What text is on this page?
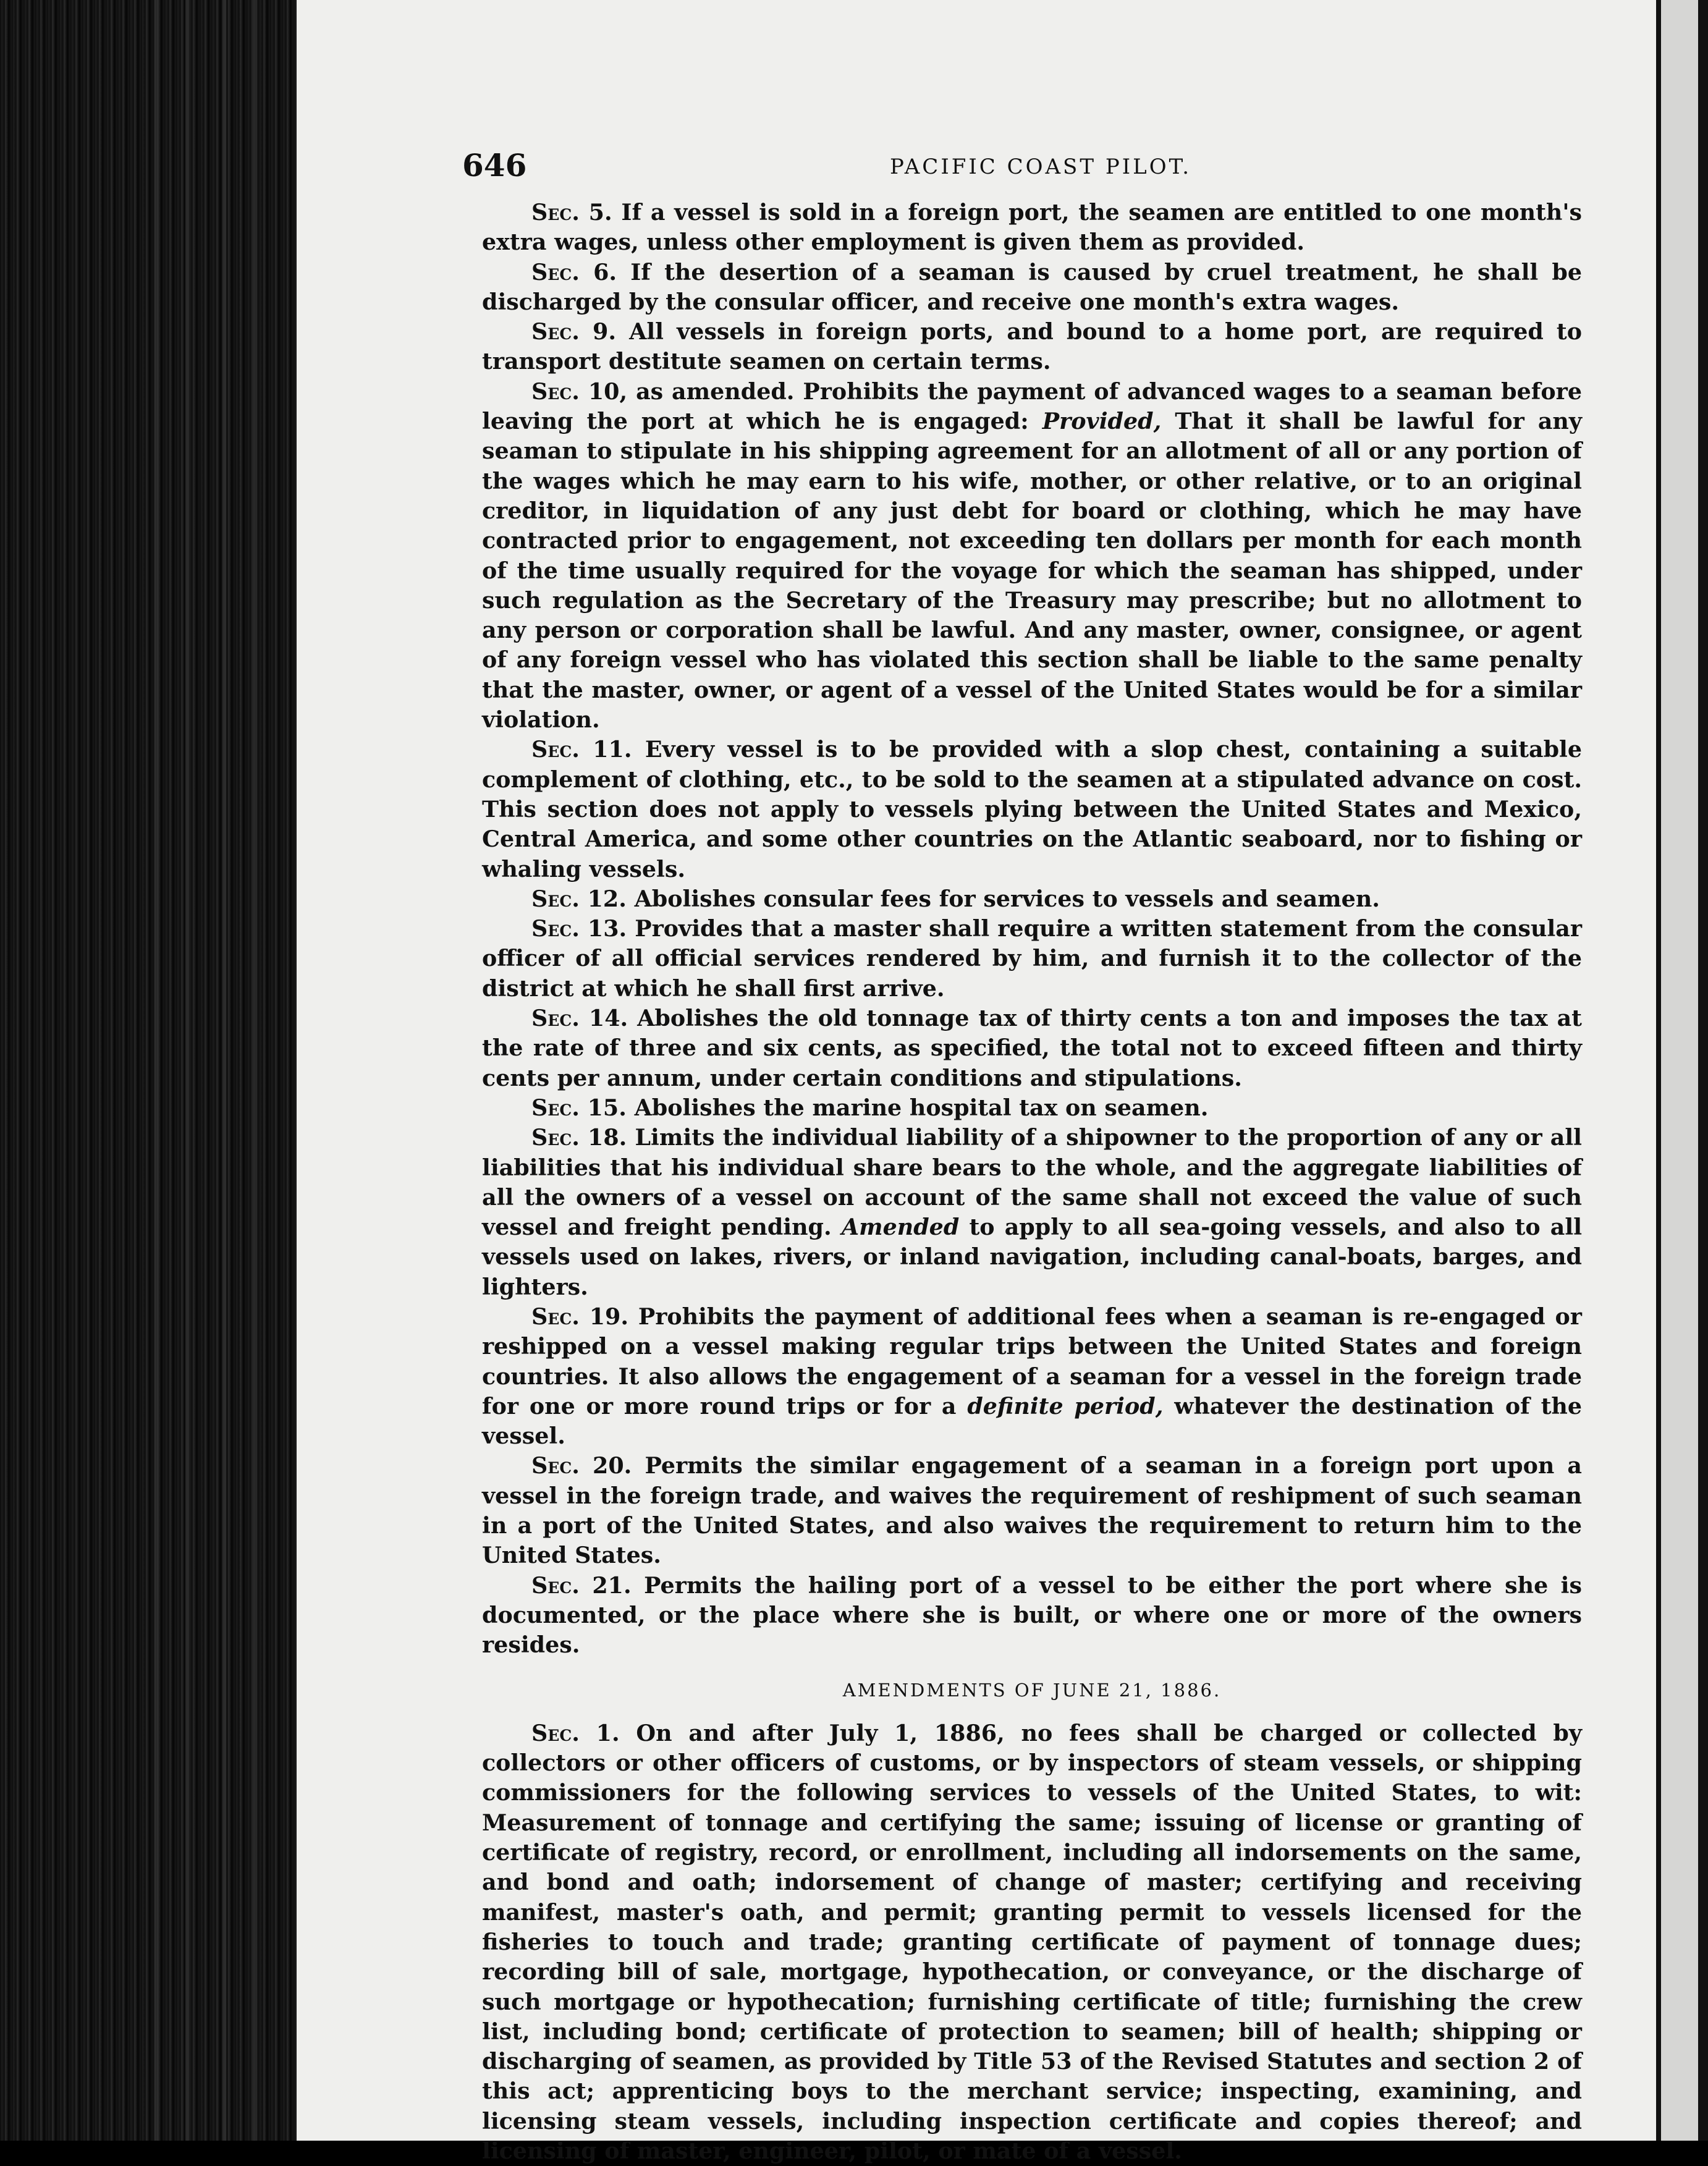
646	PACIFIC COAST PILOT.

Sec. 5. If a vessel is sold in a foreign port, the seamen are entitled to one month's extra wages, unless other employment is given them as provided.

Sec. 6. If the desertion of a seaman is caused by cruel treatment, he shall be discharged by the consular officer, and receive one month's extra wages.

Sec. 9. All vessels in foreign ports, and bound to a home port, are required to transport destitute seamen on certain terms.

Sec. 10, as amended. Prohibits the payment of advanced wages to a seaman before leaving the port at which he is engaged: Provided, That it shall be lawful for any seaman to stipulate in his shipping agreement for an allotment of all or any portion of the wages which he may earn to his wife, mother, or other relative, or to an original creditor, in liquidation of any just debt for board or clothing, which he may have contracted prior to engagement, not exceeding ten dollars per month for each month of the time usually required for the voyage for which the seaman has shipped, under such regulation as the Secretary of the Treasury may prescribe; but no allotment to any person or corporation shall be lawful. And any master, owner, consignee, or agent of any foreign vessel who has violated this section shall be liable to the same penalty that the master, owner, or agent of a vessel of the United States would be for a similar violation.

Sec. 11. Every vessel is to be provided with a slop chest, containing a suitable complement of clothing, etc., to be sold to the seamen at a stipulated advance on cost. This section does not apply to vessels plying between the United States and Mexico, Central America, and some other countries on the Atlantic seaboard, nor to fishing or whaling vessels.

Sec. 12. Abolishes consular fees for services to vessels and seamen.

Sec. 13. Provides that a master shall require a written statement from the consular officer of all official services rendered by him, and furnish it to the collector of the district at which he shall first arrive.

Sec. 14. Abolishes the old tonnage tax of thirty cents a ton and imposes the tax at the rate of three and six cents, as specified, the total not to exceed fifteen and thirty cents per annum, under certain conditions and stipulations.

Sec. 15. Abolishes the marine hospital tax on seamen.

Sec. 18. Limits the individual liability of a shipowner to the proportion of any or all liabilities that his individual share bears to the whole, and the aggregate liabilities of all the owners of a vessel on account of the same shall not exceed the value of such vessel and freight pending. Amended to apply to all sea-going vessels, and also to all vessels used on lakes, rivers, or inland navigation, including canal-boats, barges, and lighters.

Sec. 19. Prohibits the payment of additional fees when a seaman is re-engaged or reshipped on a vessel making regular trips between the United States and foreign countries. It also allows the engagement of a seaman for a vessel in the foreign trade for one or more round trips or for a definite period, whatever the destination of the vessel.

Sec. 20. Permits the similar engagement of a seaman in a foreign port upon a vessel in the foreign trade, and waives the requirement of reshipment of such seaman in a port of the United States, and also waives the requirement to return him to the United States.

Sec. 21. Permits the hailing port of a vessel to be either the port where she is documented, or the place where she is built, or where one or more of the owners resides.

AMENDMENTS OF JUNE 21, 1886.

Sec. 1. On and after July 1, 1886, no fees shall be charged or collected by collectors or other officers of customs, or by inspectors of steam vessels, or shipping commissioners for the following services to vessels of the United States, to wit: Measurement of tonnage and certifying the same; issuing of license or granting of certificate of registry, record, or enrollment, including all indorsements on the same, and bond and oath; indorsement of change of master; certifying and receiving manifest, master's oath, and permit; granting permit to vessels licensed for the fisheries to touch and trade; granting certificate of payment of tonnage dues; recording bill of sale, mortgage, hypothecation, or conveyance, or the discharge of such mortgage or hypothecation; furnishing certificate of title; furnishing the crew list, including bond; certificate of protection to seamen; bill of health; shipping or discharging of seamen, as provided by Title 53 of the Revised Statutes and section 2 of this act; apprenticing boys to the merchant service; inspecting, examining, and licensing steam vessels, including inspection certificate and copies thereof; and licensing of master, engineer, pilot, or mate of a vessel.
